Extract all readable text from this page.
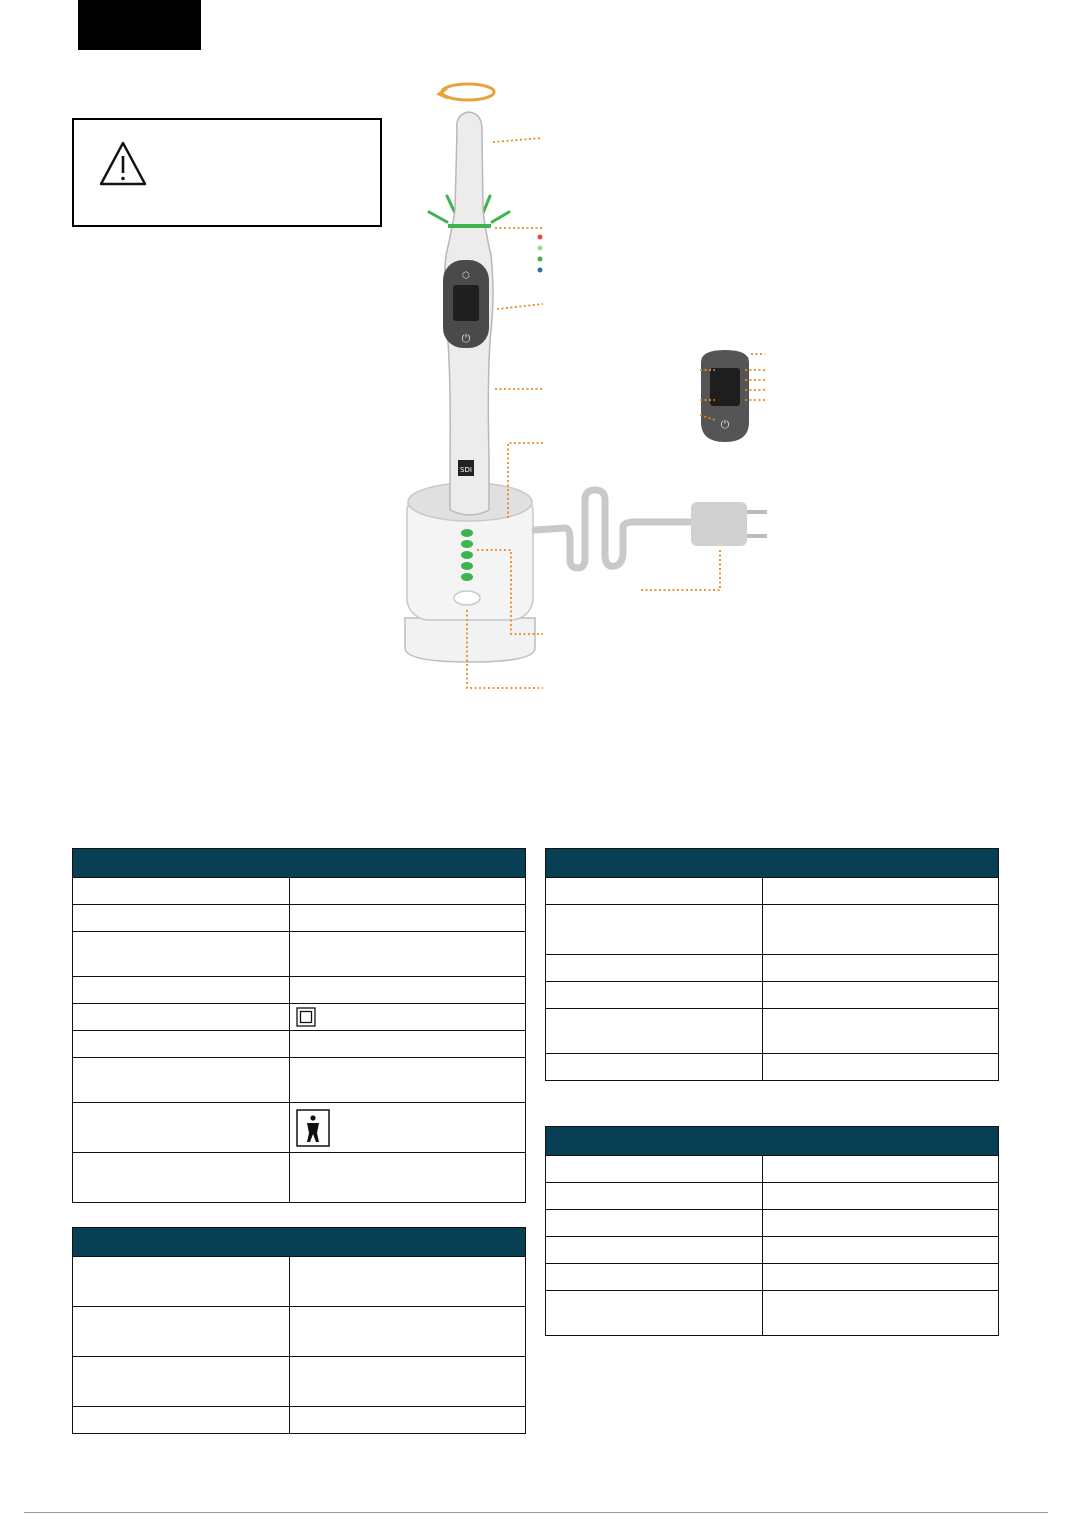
⬡
⏻
SDI
⏻
